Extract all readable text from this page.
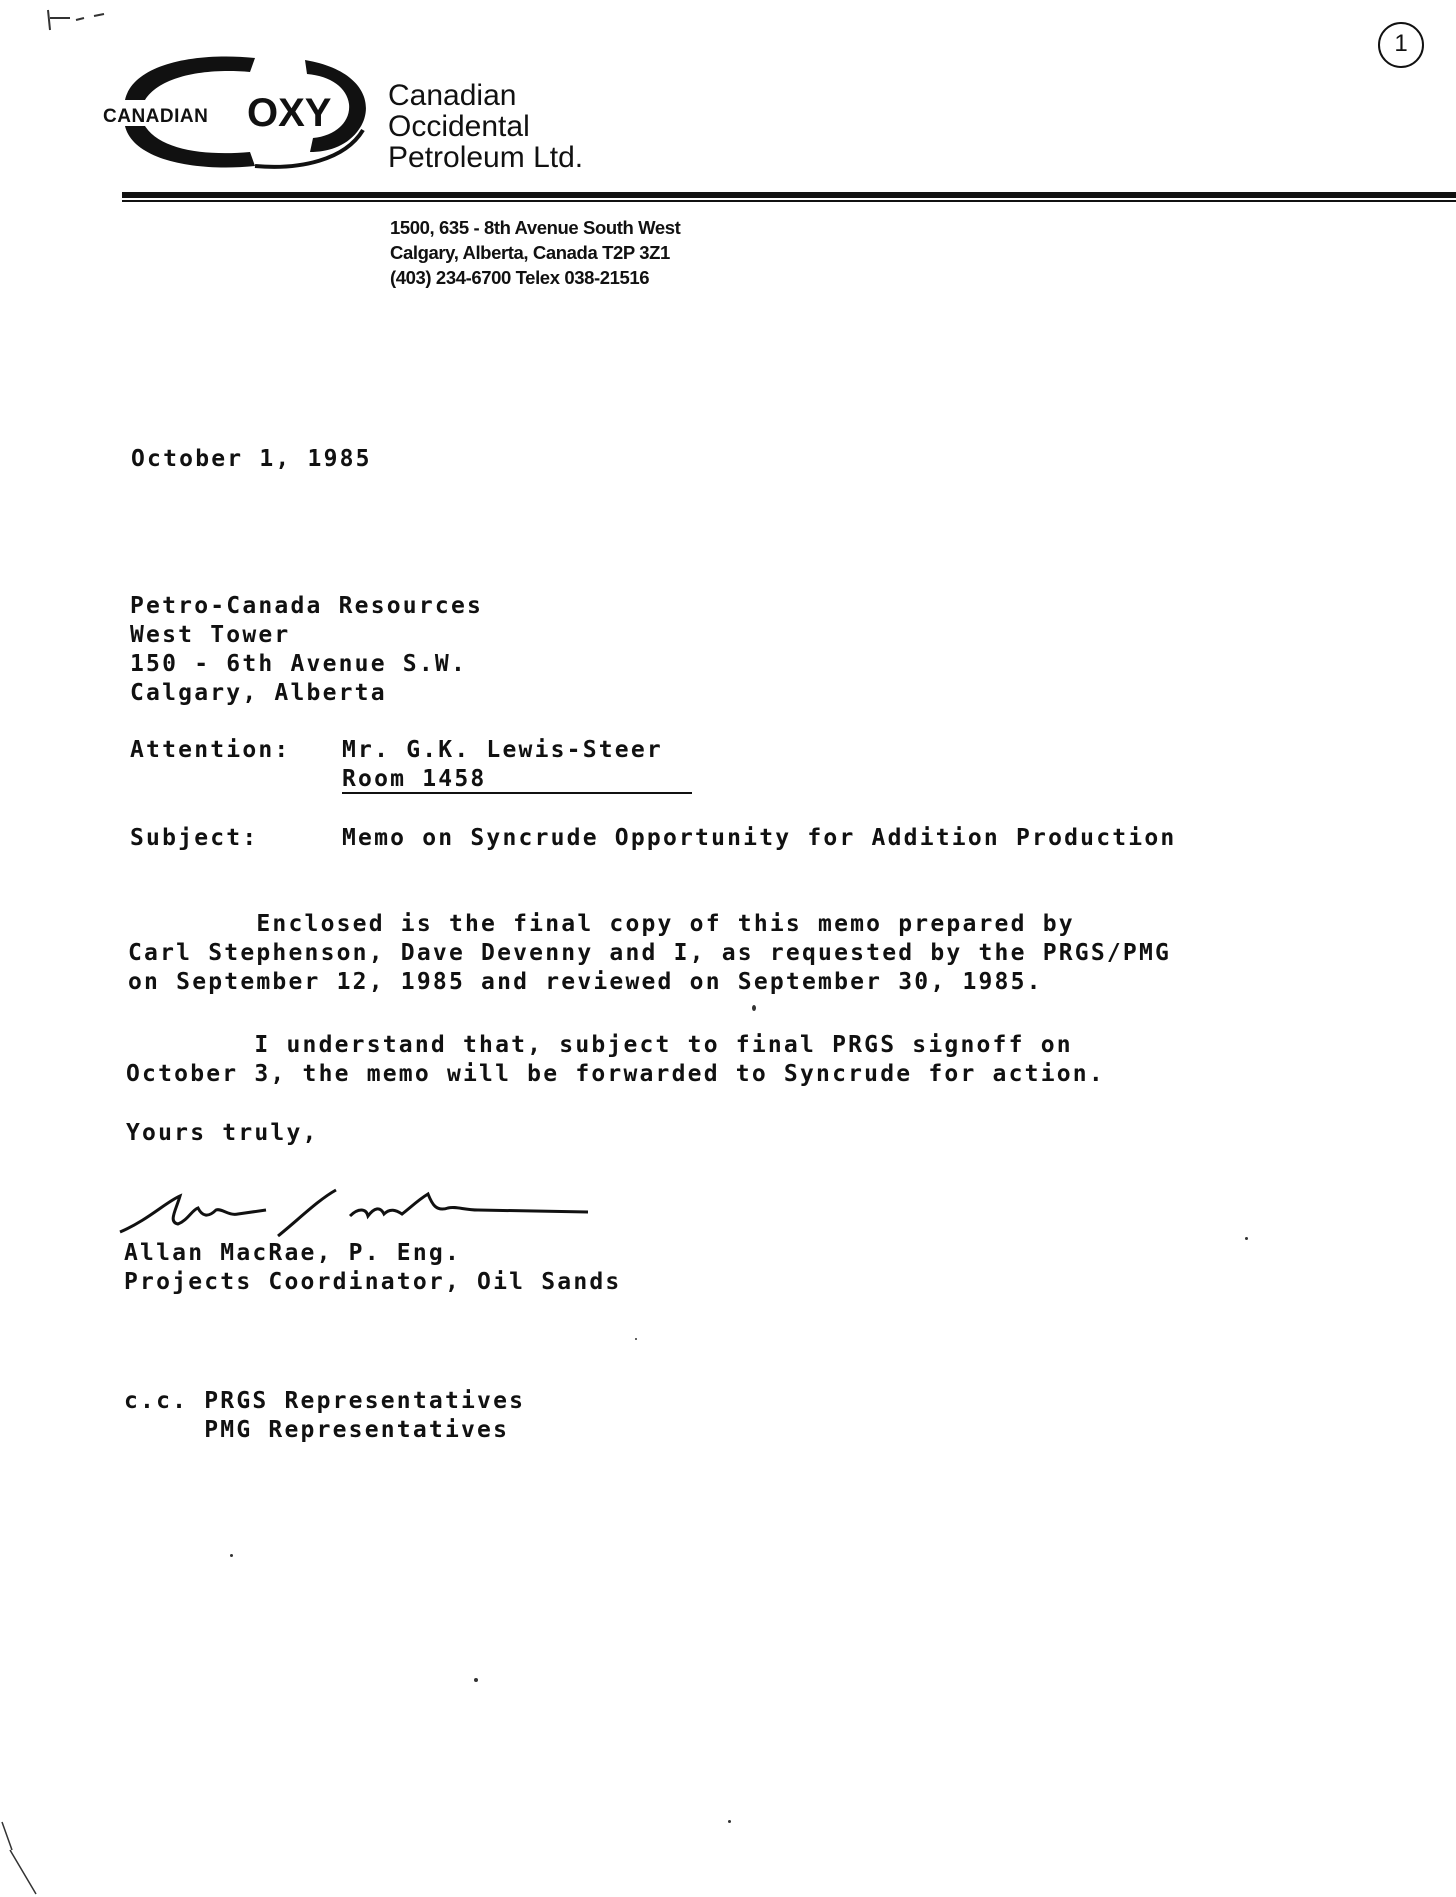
1
CANADIAN OXY Canadian
Occidental
Petroleum Ltd.
1500, 635 - 8th Avenue South West
Calgary, Alberta, Canada T2P 3Z1
(403) 234-6700 Telex 038-21516
October 1, 1985
Petro-Canada Resources
West Tower
150 - 6th Avenue S.W.
Calgary, Alberta
Attention: Mr. G.K. Lewis-Steer
Room 1458
Subject:	Memo on Syncrude Opportunity for Addition Production
Enclosed is the final copy of this memo prepared by
Carl Stephenson, Dave Devenny and I, as requested by the PRGS/PMG
on September 12, 1985 and reviewed on September 30, 1985.
I understand that, subject to final PRGS signoff on
October 3, the memo will be forwarded to Syncrude for action.
Yours truly,
Allan MacRae, P. Eng.
Projects Coordinator, Oil Sands
c.c. PRGS Representatives
PMG Representatives
